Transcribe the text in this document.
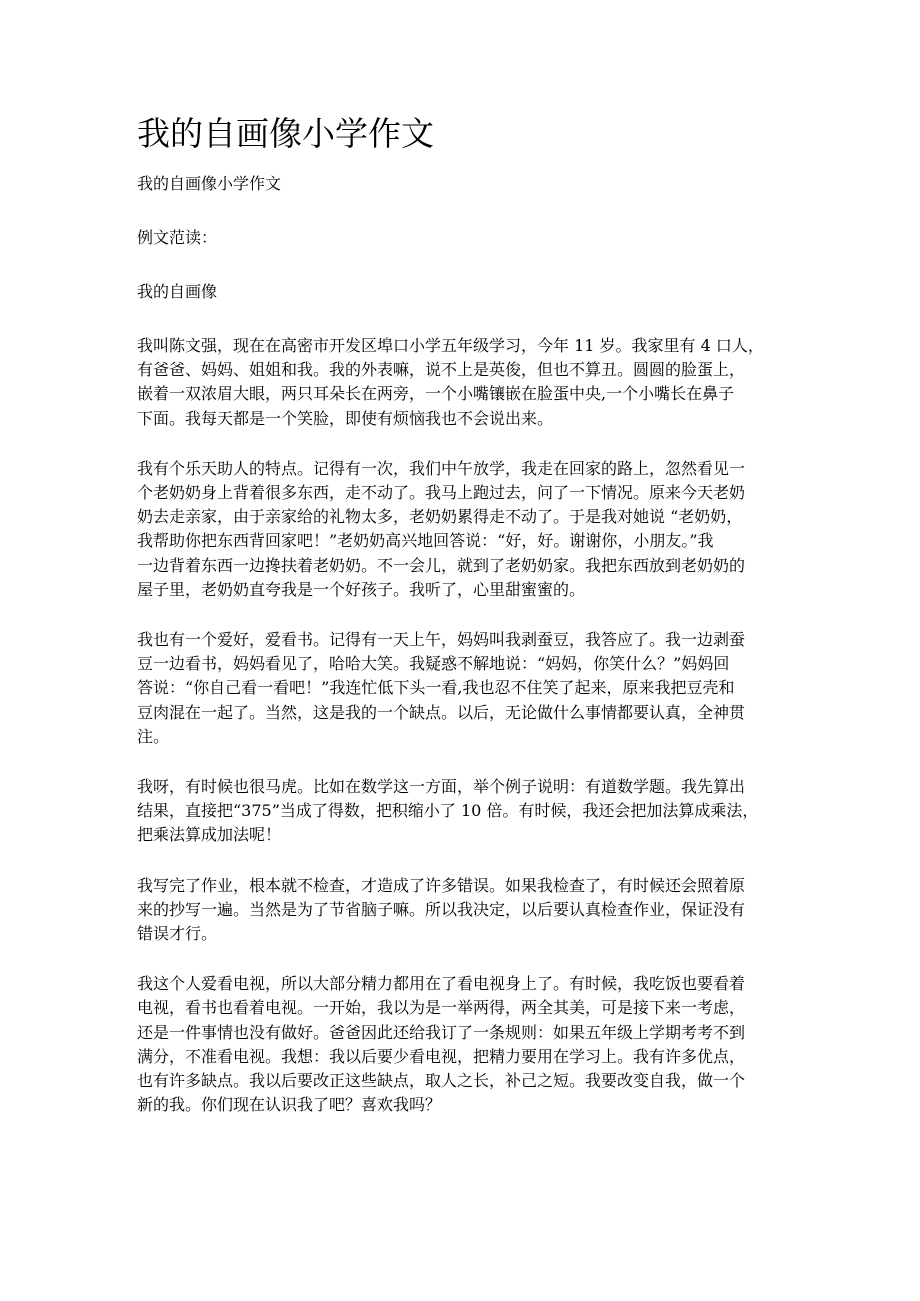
我的自画像小学作文
我的自画像小学作文
例文范读：
我的自画像
我叫陈文强，现在在高密市开发区埠口小学五年级学习，今年 11 岁。我家里有 4 口人，
有爸爸、妈妈、姐姐和我。我的外表嘛，说不上是英俊，但也不算丑。圆圆的脸蛋上，
嵌着一双浓眉大眼，两只耳朵长在两旁，一个小嘴镶嵌在脸蛋中央,一个小嘴长在鼻子
下面。我每天都是一个笑脸，即使有烦恼我也不会说出来。
我有个乐天助人的特点。记得有一次，我们中午放学，我走在回家的路上，忽然看见一
个老奶奶身上背着很多东西，走不动了。我马上跑过去，问了一下情况。原来今天老奶
奶去走亲家，由于亲家给的礼物太多，老奶奶累得走不动了。于是我对她说 “老奶奶，
我帮助你把东西背回家吧！”老奶奶高兴地回答说：“好，好。谢谢你，小朋友。”我
一边背着东西一边搀扶着老奶奶。不一会儿，就到了老奶奶家。我把东西放到老奶奶的
屋子里，老奶奶直夸我是一个好孩子。我听了，心里甜蜜蜜的。
我也有一个爱好，爱看书。记得有一天上午，妈妈叫我剥蚕豆，我答应了。我一边剥蚕
豆一边看书，妈妈看见了，哈哈大笑。我疑惑不解地说：“妈妈，你笑什么？”妈妈回
答说：“你自己看一看吧！”我连忙低下头一看,我也忍不住笑了起来，原来我把豆壳和
豆肉混在一起了。当然，这是我的一个缺点。以后，无论做什么事情都要认真，全神贯
注。
我呀，有时候也很马虎。比如在数学这一方面，举个例子说明：有道数学题。我先算出
结果，直接把“375”当成了得数，把积缩小了 10 倍。有时候，我还会把加法算成乘法，
把乘法算成加法呢！
我写完了作业，根本就不检查，才造成了许多错误。如果我检查了，有时候还会照着原
来的抄写一遍。当然是为了节省脑子嘛。所以我决定，以后要认真检查作业，保证没有
错误才行。
我这个人爱看电视，所以大部分精力都用在了看电视身上了。有时候，我吃饭也要看着
电视，看书也看着电视。一开始，我以为是一举两得，两全其美，可是接下来一考虑，
还是一件事情也没有做好。爸爸因此还给我订了一条规则：如果五年级上学期考考不到
满分，不准看电视。我想：我以后要少看电视，把精力要用在学习上。我有许多优点，
也有许多缺点。我以后要改正这些缺点，取人之长，补己之短。我要改变自我，做一个
新的我。你们现在认识我了吧？喜欢我吗？
